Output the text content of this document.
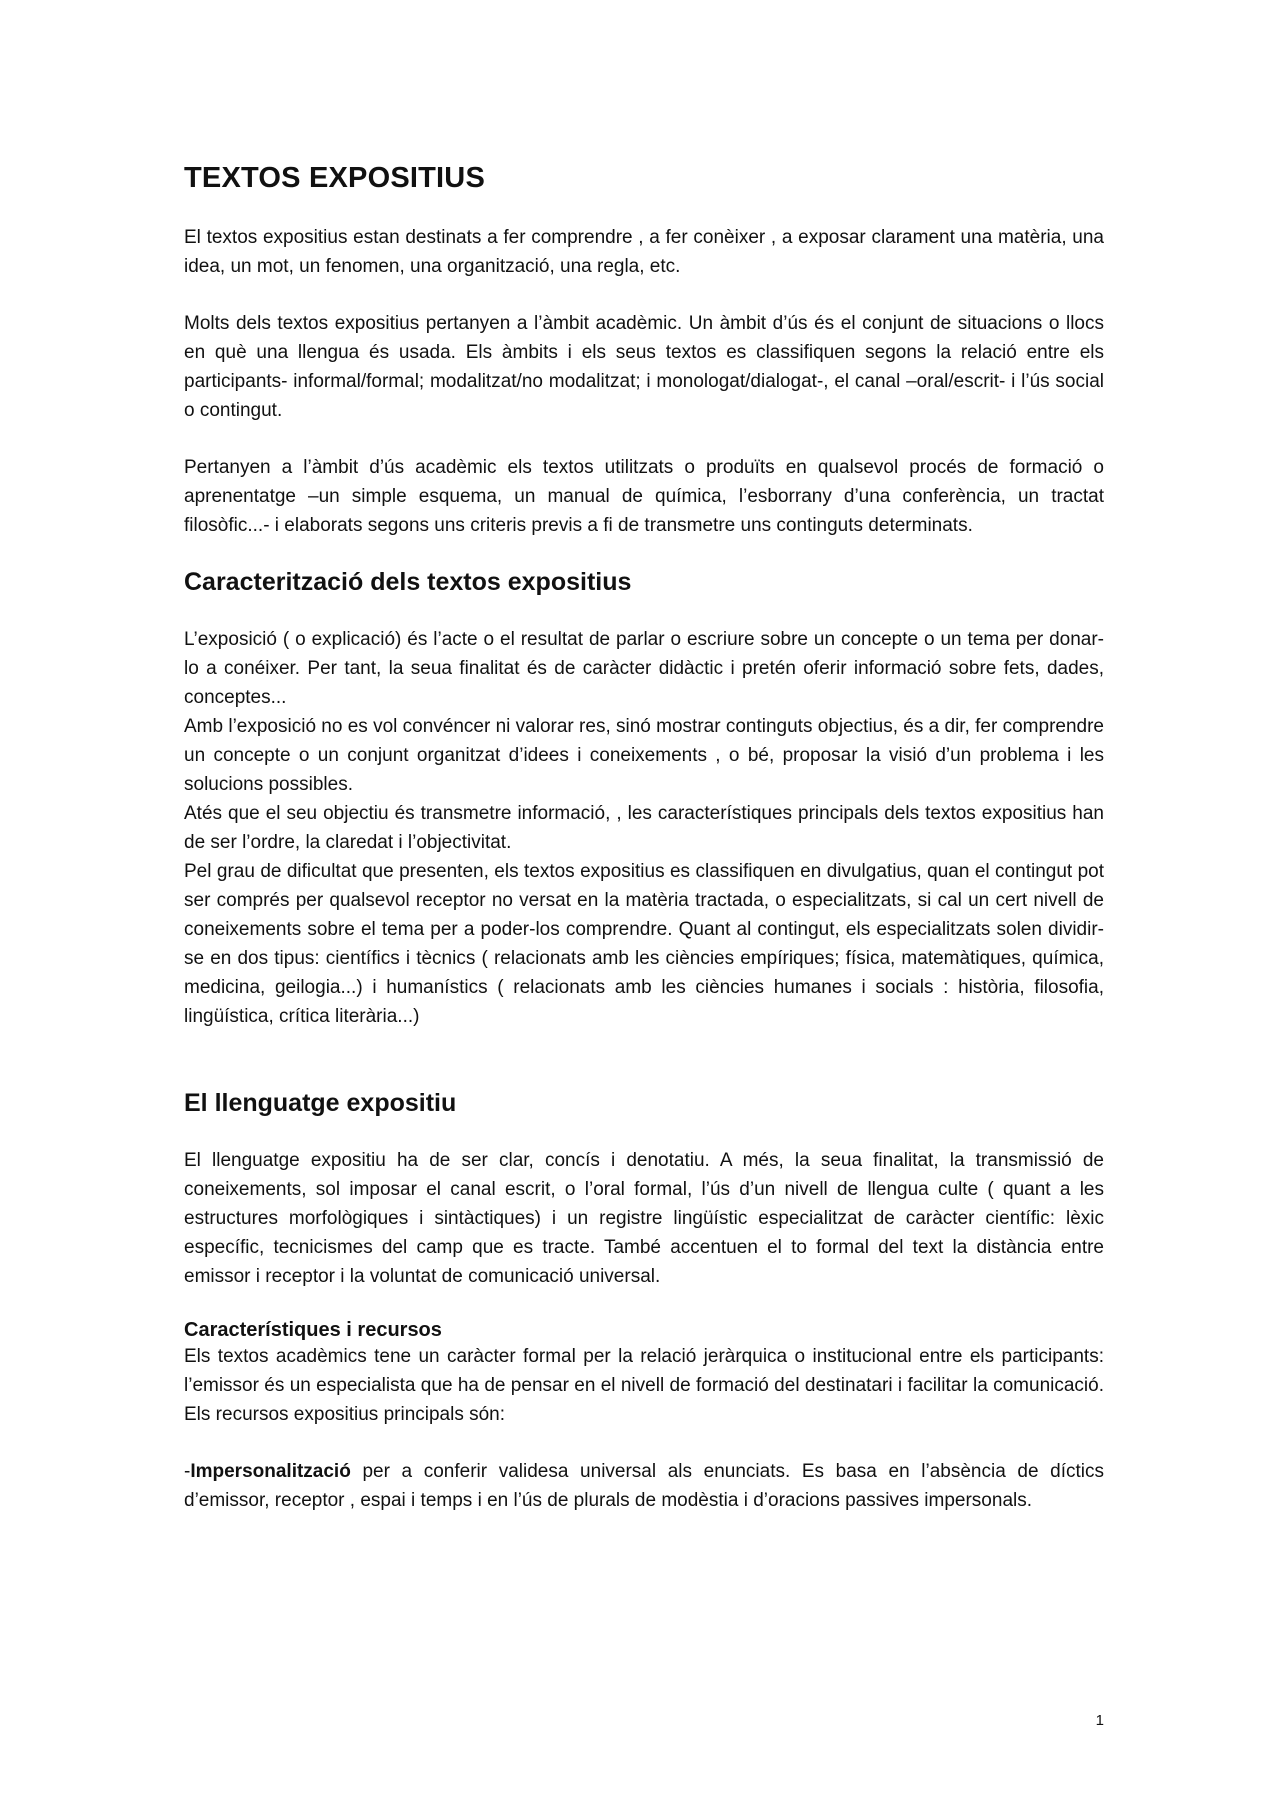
TEXTOS EXPOSITIUS

El textos expositius estan destinats a fer comprendre , a fer conèixer , a exposar clarament una matèria, una idea, un mot, un fenomen, una organització, una regla, etc.

Molts dels textos expositius pertanyen a l’àmbit acadèmic. Un àmbit d’ús és el conjunt de situacions o llocs en què una llengua és usada. Els àmbits i els seus textos es classifiquen segons la relació entre els participants- informal/formal; modalitzat/no modalitzat; i monologat/dialogat-, el canal –oral/escrit- i l’ús social o contingut.

Pertanyen a l’àmbit d’ús acadèmic els textos utilitzats o produïts en qualsevol procés de formació o aprenentatge –un simple esquema, un manual de química, l’esborrany d’una conferència, un tractat filosòfic...- i elaborats segons uns criteris previs a fi de transmetre uns continguts determinats.

Caracterització dels textos expositius

L’exposició ( o explicació) és l’acte o el resultat de parlar o escriure sobre un concepte o un tema per donar-lo a conéixer. Per tant, la seua finalitat és de caràcter didàctic i pretén oferir informació sobre fets, dades, conceptes...

Amb l’exposició no es vol convéncer ni valorar res, sinó mostrar continguts objectius, és a dir, fer comprendre un concepte o un conjunt organitzat d’idees i coneixements , o bé, proposar la visió d’un problema i les solucions possibles.

Atés que el seu objectiu és transmetre informació, , les característiques principals dels textos expositius han de ser l’ordre, la claredat i l’objectivitat.

Pel grau de dificultat que presenten, els textos expositius es classifiquen en divulgatius, quan el contingut pot ser comprés per qualsevol receptor no versat en la matèria tractada, o especialitzats, si cal un cert nivell de coneixements sobre el tema per a poder-los comprendre. Quant al contingut, els especialitzats solen dividir-se en dos tipus: científics i tècnics ( relacionats amb les ciències empíriques; física, matemàtiques, química, medicina, geilogia...) i humanístics ( relacionats amb les ciències humanes i socials : història, filosofia, lingüística, crítica literària...)

El llenguatge expositiu

El llenguatge expositiu ha de ser clar, concís i denotatiu. A més, la seua finalitat, la transmissió de coneixements, sol imposar el canal escrit, o l’oral formal, l’ús d’un nivell de llengua culte ( quant a les estructures morfològiques i sintàctiques) i un registre lingüístic especialitzat de caràcter científic: lèxic específic, tecnicismes del camp que es tracte. També accentuen el to formal del text la distància entre emissor i receptor i la voluntat de comunicació universal.

Característiques i recursos

Els textos acadèmics tene un caràcter formal per la relació jeràrquica o institucional entre els participants: l’emissor és un especialista que ha de pensar en el nivell de formació del destinatari i facilitar la comunicació. Els recursos expositius principals són:

-Impersonalització per a conferir validesa universal als enunciats. Es basa en l’absència de díctics d’emissor, receptor , espai i temps i en l’ús de plurals de modèstia i d’oracions passives impersonals.

1
